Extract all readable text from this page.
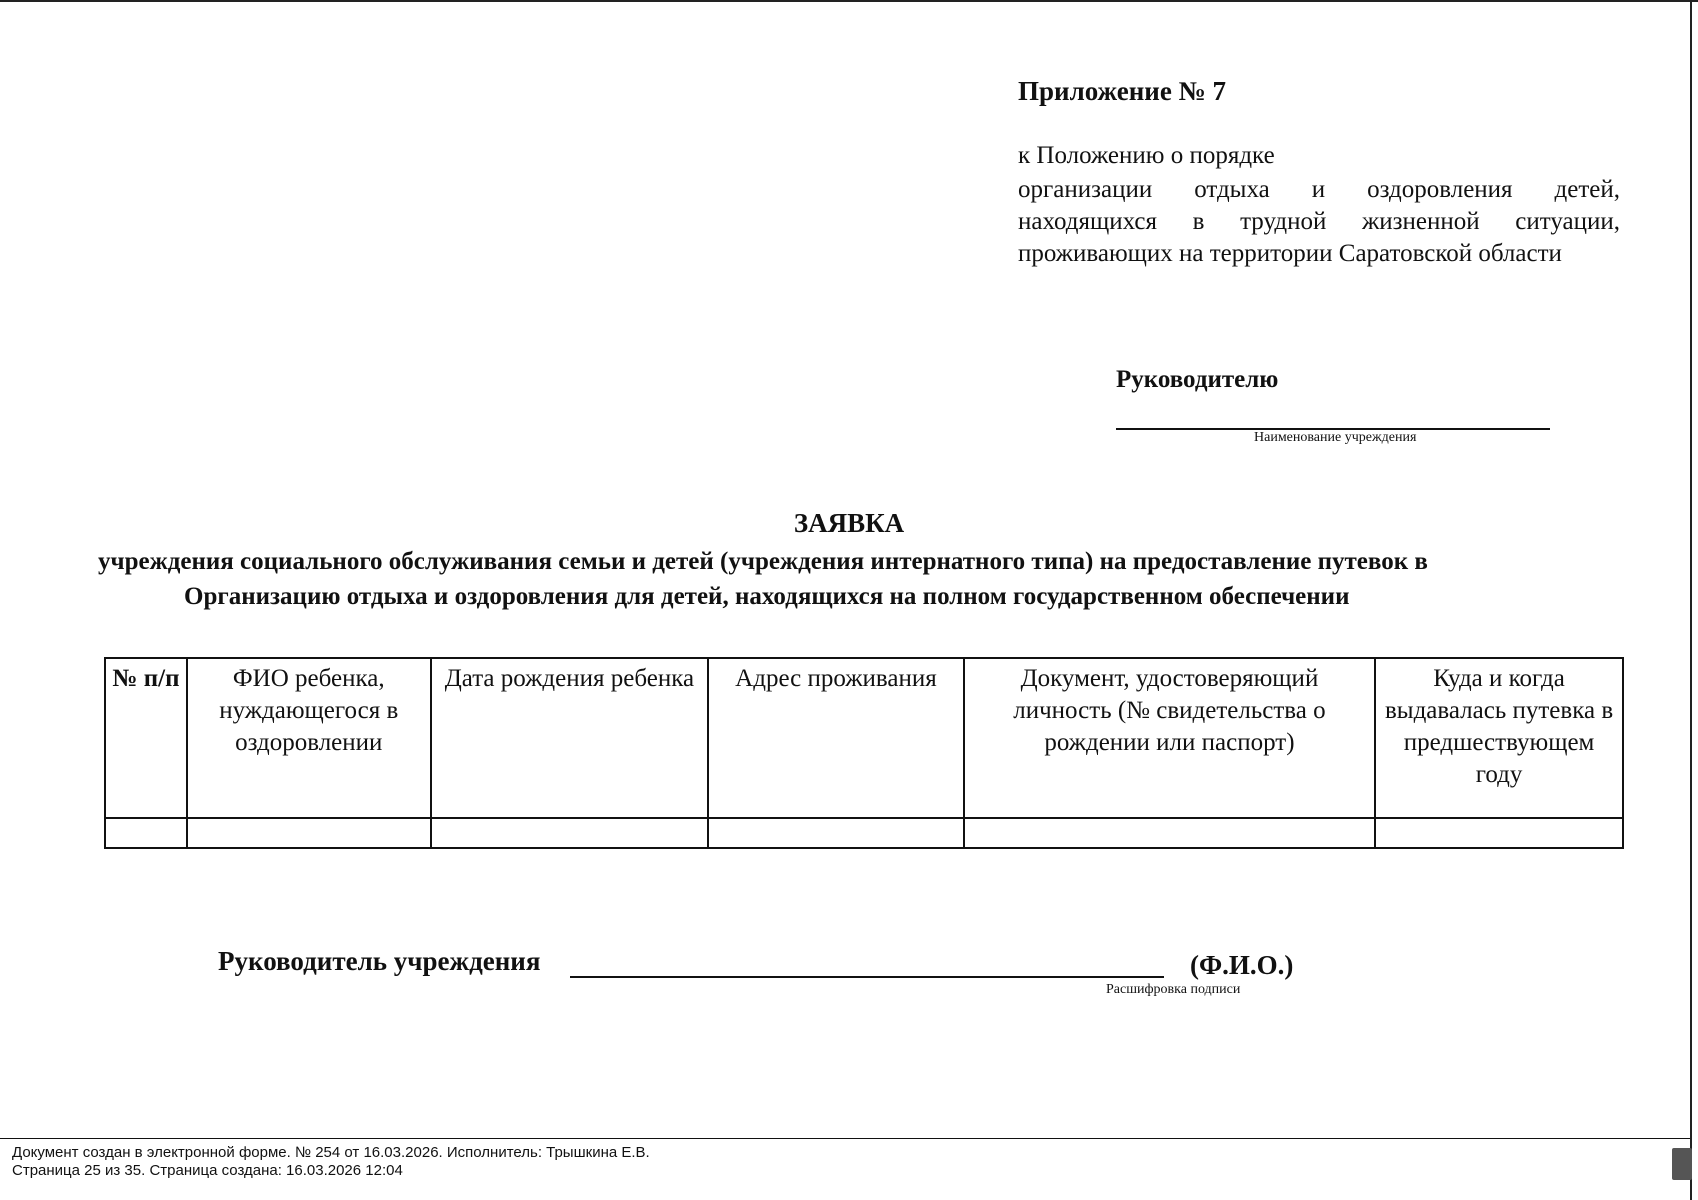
Приложение № 7
к Положению о порядке
организации отдыха и оздоровления детей, находящихся в трудной жизненной ситуации, проживающих на территории Саратовской области
Руководителю
Наименование учреждения
ЗАЯВКА
учреждения социального обслуживания семьи и детей (учреждения интернатного типа) на предоставление путевок в
Организацию отдыха и оздоровления для детей, находящихся на полном государственном обеспечении
№ п/п	ФИО ребенка, нуждающегося в оздоровлении	Дата рождения ребенка	Адрес проживания	Документ, удостоверяющий личность (№ свидетельства о рождении или паспорт)	Куда и когда выдавалась путевка в предшествующем году

Руководитель учреждения	(Ф.И.О.)
Расшифровка подписи
Документ создан в электронной форме. № 254 от 16.03.2026. Исполнитель: Трышкина Е.В.
Страница 25 из 35. Страница создана: 16.03.2026 12:04
